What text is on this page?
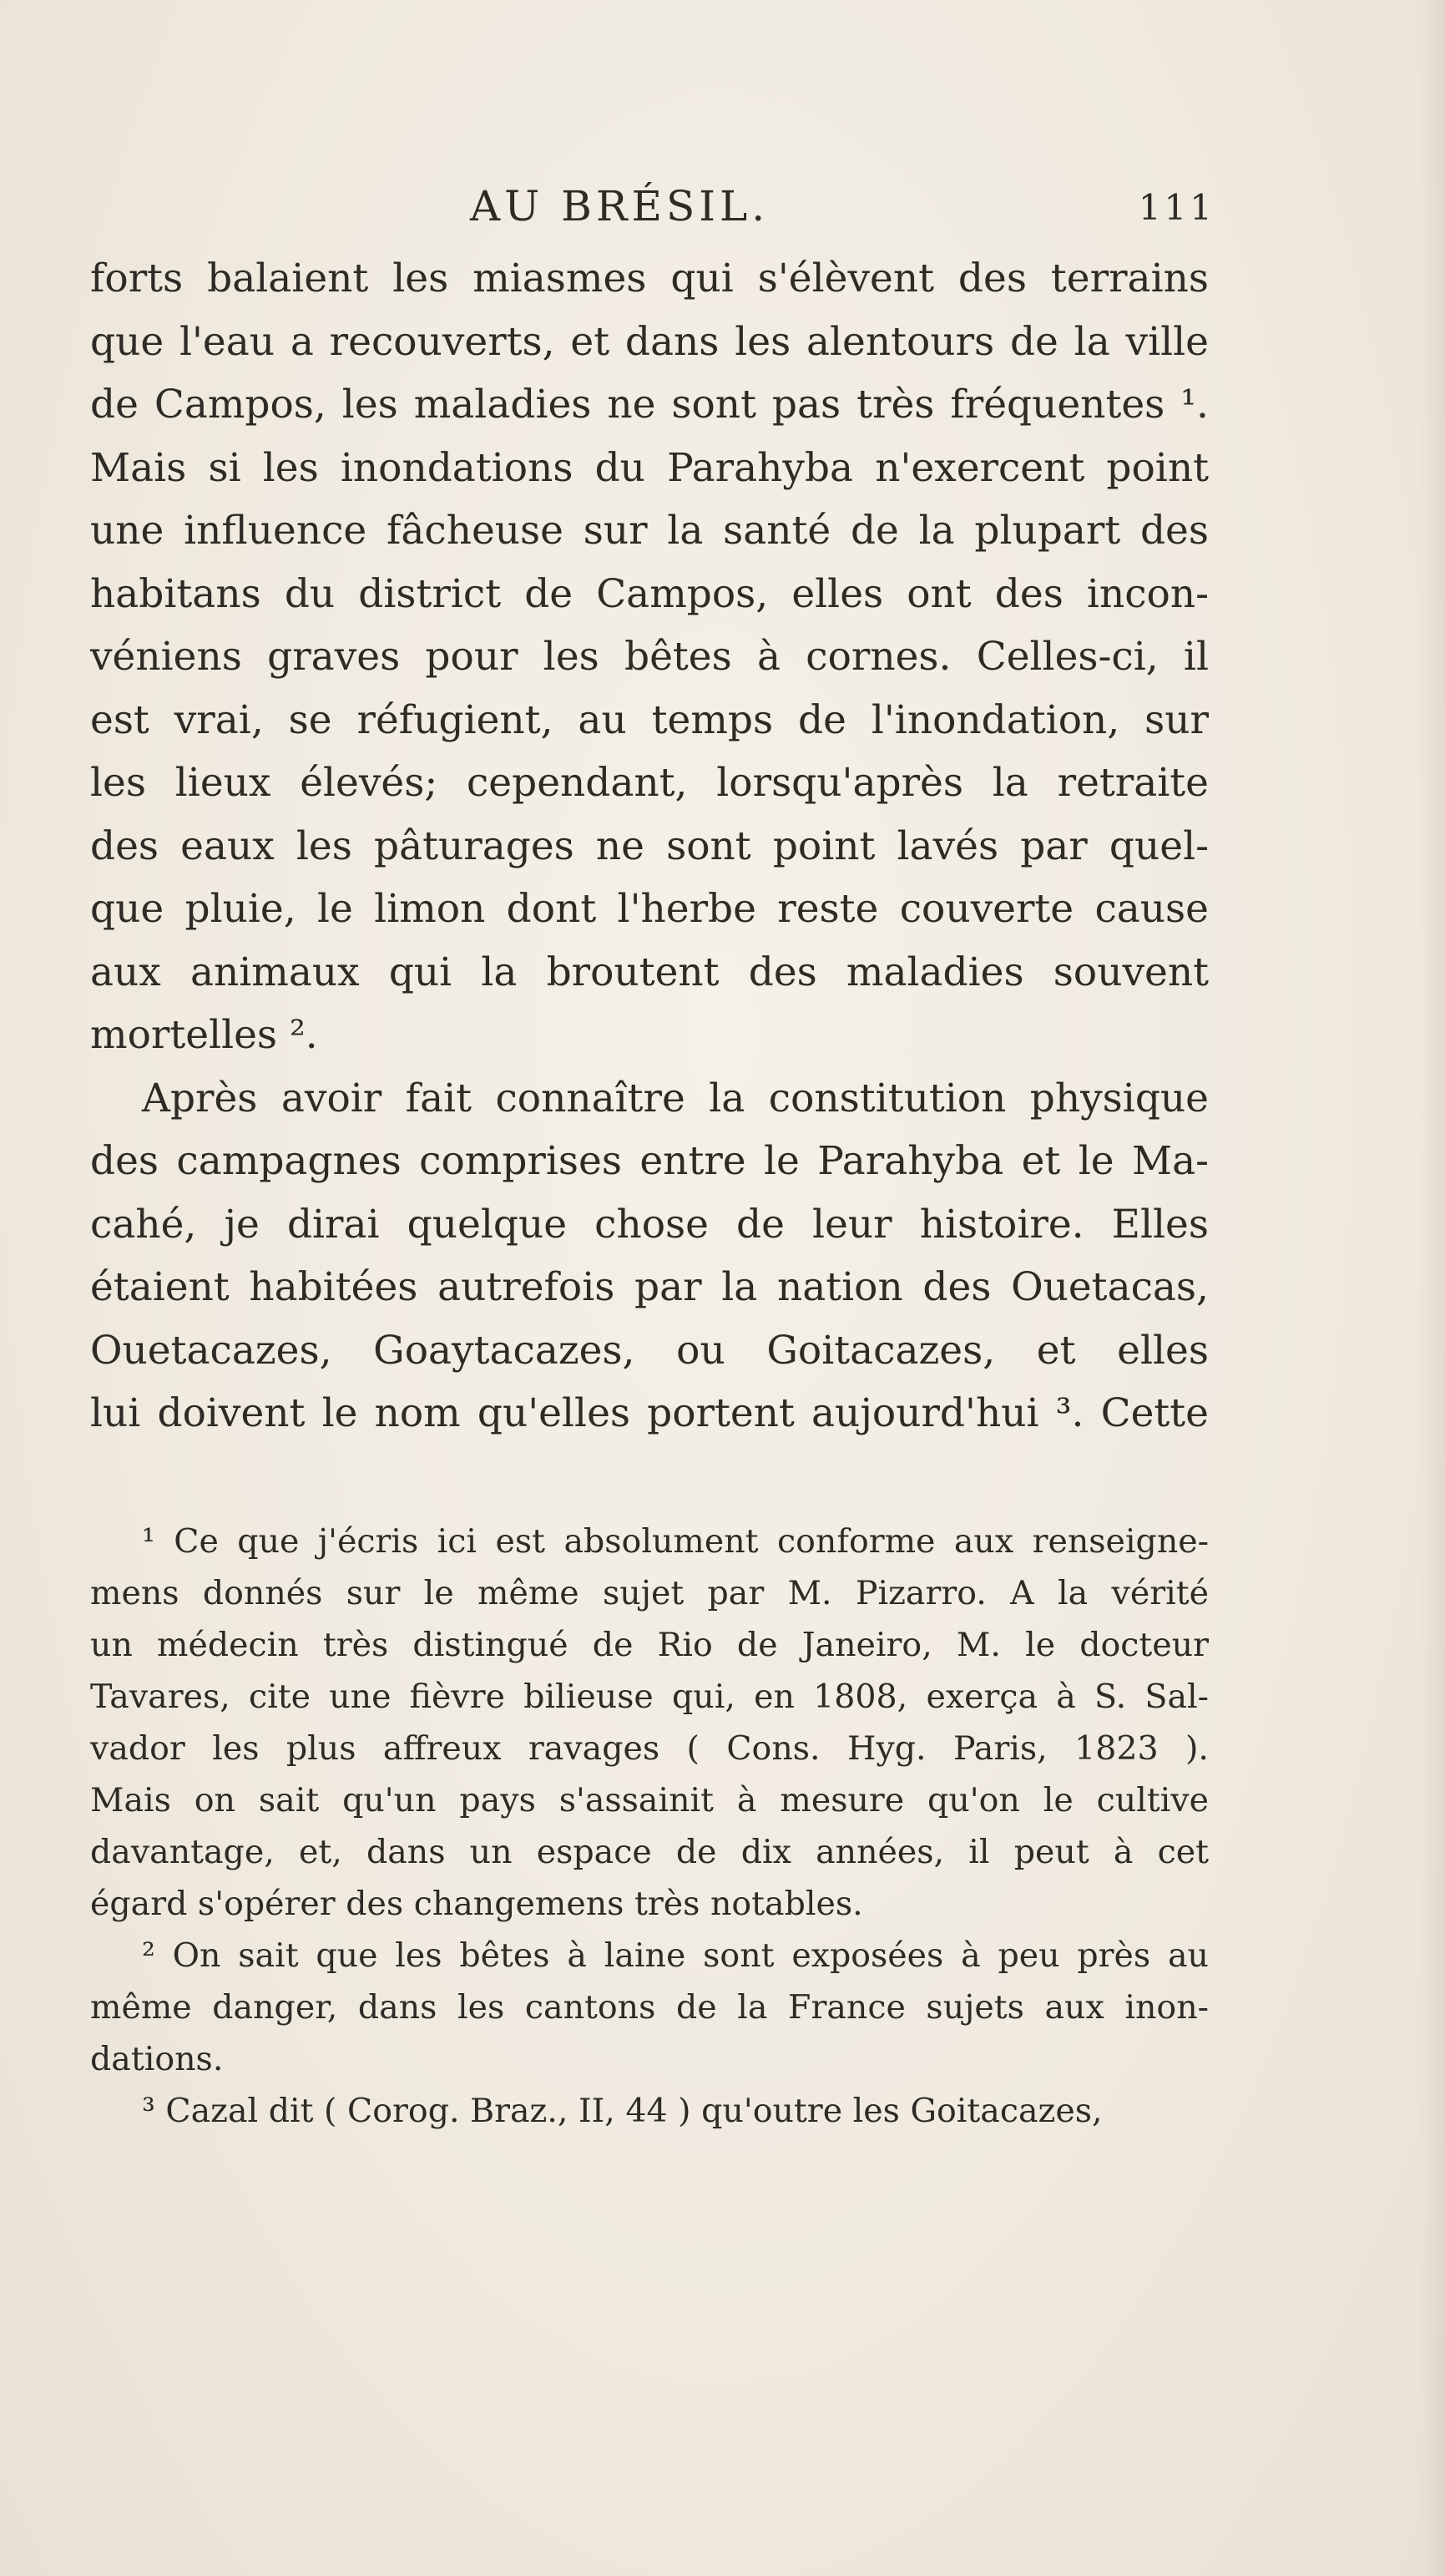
AU BRÉSIL.	111
forts balaient les miasmes qui s'élèvent des terrains
que l'eau a recouverts, et dans les alentours de la ville
de Campos, les maladies ne sont pas très fréquentes ¹.
Mais si les inondations du Parahyba n'exercent point
une influence fâcheuse sur la santé de la plupart des
habitans du district de Campos, elles ont des incon-
véniens graves pour les bêtes à cornes. Celles-ci, il
est vrai, se réfugient, au temps de l'inondation, sur
les lieux élevés; cependant, lorsqu'après la retraite
des eaux les pâturages ne sont point lavés par quel-
que pluie, le limon dont l'herbe reste couverte cause
aux animaux qui la broutent des maladies souvent
mortelles ².
Après avoir fait connaître la constitution physique
des campagnes comprises entre le Parahyba et le Ma-
cahé, je dirai quelque chose de leur histoire. Elles
étaient habitées autrefois par la nation des Ouetacas,
Ouetacazes, Goaytacazes, ou Goitacazes, et elles
lui doivent le nom qu'elles portent aujourd'hui ³. Cette
¹ Ce que j'écris ici est absolument conforme aux renseigne-
mens donnés sur le même sujet par M. Pizarro. A la vérité
un médecin très distingué de Rio de Janeiro, M. le docteur
Tavares, cite une fièvre bilieuse qui, en 1808, exerça à S. Sal-
vador les plus affreux ravages ( Cons. Hyg. Paris, 1823 ).
Mais on sait qu'un pays s'assainit à mesure qu'on le cultive
davantage, et, dans un espace de dix années, il peut à cet
égard s'opérer des changemens très notables.
² On sait que les bêtes à laine sont exposées à peu près au
même danger, dans les cantons de la France sujets aux inon-
dations.
³ Cazal dit ( Corog. Braz., II, 44 ) qu'outre les Goitacazes,
